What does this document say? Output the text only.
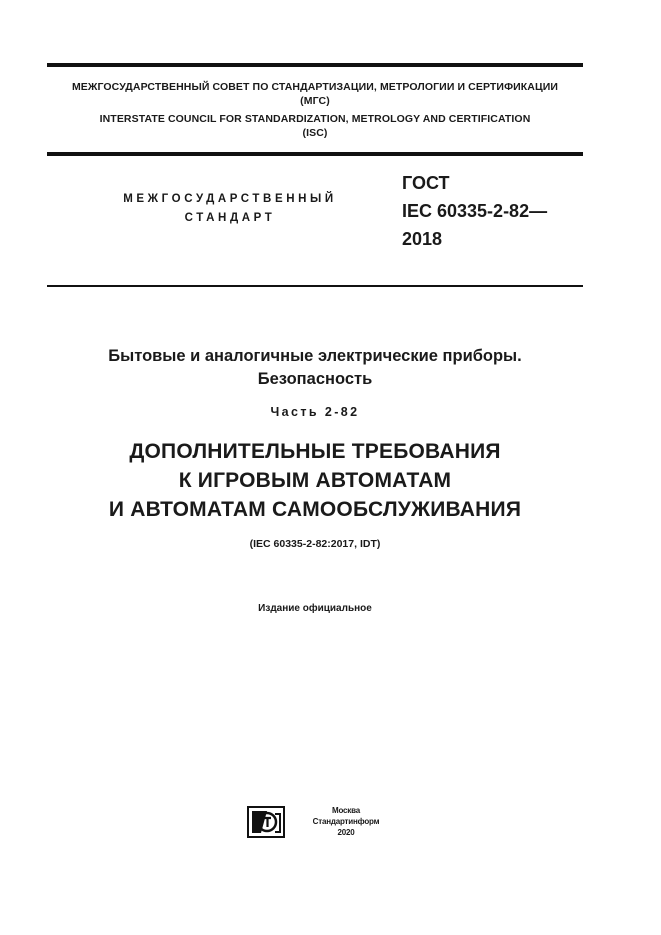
МЕЖГОСУДАРСТВЕННЫЙ СОВЕТ ПО СТАНДАРТИЗАЦИИ, МЕТРОЛОГИИ И СЕРТИФИКАЦИИ
(МГС)
INTERSTATE COUNCIL FOR STANDARDIZATION, METROLOGY AND CERTIFICATION
(ISC)
МЕЖГОСУДАРСТВЕННЫЙ
СТАНДАРТ
ГОСТ
IEC 60335-2-82—
2018
Бытовые и аналогичные электрические приборы.
Безопасность
Часть 2-82
ДОПОЛНИТЕЛЬНЫЕ ТРЕБОВАНИЯ
К ИГРОВЫМ АВТОМАТАМ
И АВТОМАТАМ САМООБСЛУЖИВАНИЯ
(IEC 60335-2-82:2017, IDT)
Издание официальное
Москва
Стандартинформ
2020
